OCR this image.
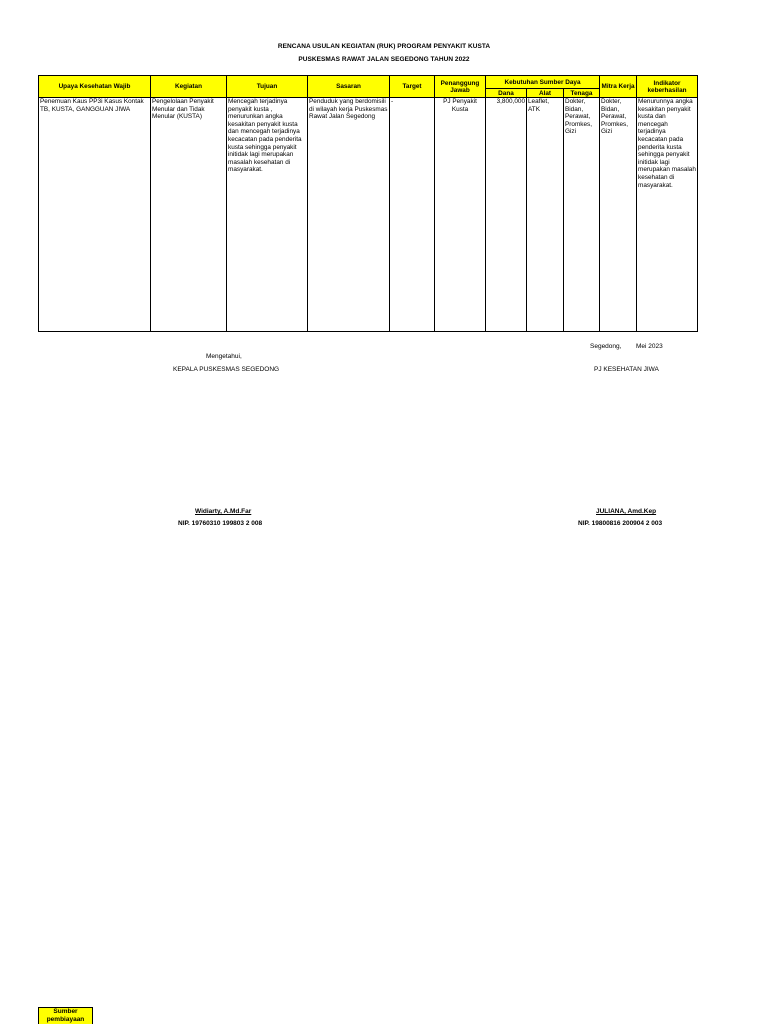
RENCANA USULAN KEGIATAN (RUK) PROGRAM PENYAKIT KUSTA
PUSKESMAS RAWAT JALAN SEGEDONG TAHUN 2022
Upaya Kesehatan Wajib	Kegiatan	Tujuan	Sasaran	Target	Penanggung Jawab	Kebutuhan Sumber Daya			Mitra Kerja	Indikator keberhasilan
						Dana	Alat	Tenaga		
Penemuan Kaus PP3i Kasus Kontak TB, KUSTA, GANGGUAN JIWA	Pengelolaan Penyakit Menular dan Tidak Menular (KUSTA)	Mencegah terjadinya penyakit kusta , menurunkan angka kesakitan penyakit kusta dan mencegah terjadinya kecacatan pada penderita kusta sehingga penyakit initidak lagi merupakan masalah kesehatan di masyarakat.	Penduduk yang berdomisili di wilayah kerja Puskesmas Rawat Jalan Segedong	-	PJ Penyakit Kusta	3,800,000	Leaflet, ATK	Dokter, Bidan, Perawat, Promkes, Gizi	Dokter, Bidan, Perawat, Promkes, Gizi	Menurunnya angka kesakitan penyakit kusta dan mencegah terjadinya kecacatan pada penderita kusta sehingga penyakit initidak lagi merupakan masalah kesehatan di masyarakat.
Segedong, Mei 2023
Mengetahui,
KEPALA PUSKESMAS SEGEDONG	PJ KESEHATAN JIWA
Widiarty, A.Md.Far
NIP. 19760310 199803 2 008
JULIANA, Amd.Kep
NIP. 19800816 200904 2 003
Sumber pembiayaan
